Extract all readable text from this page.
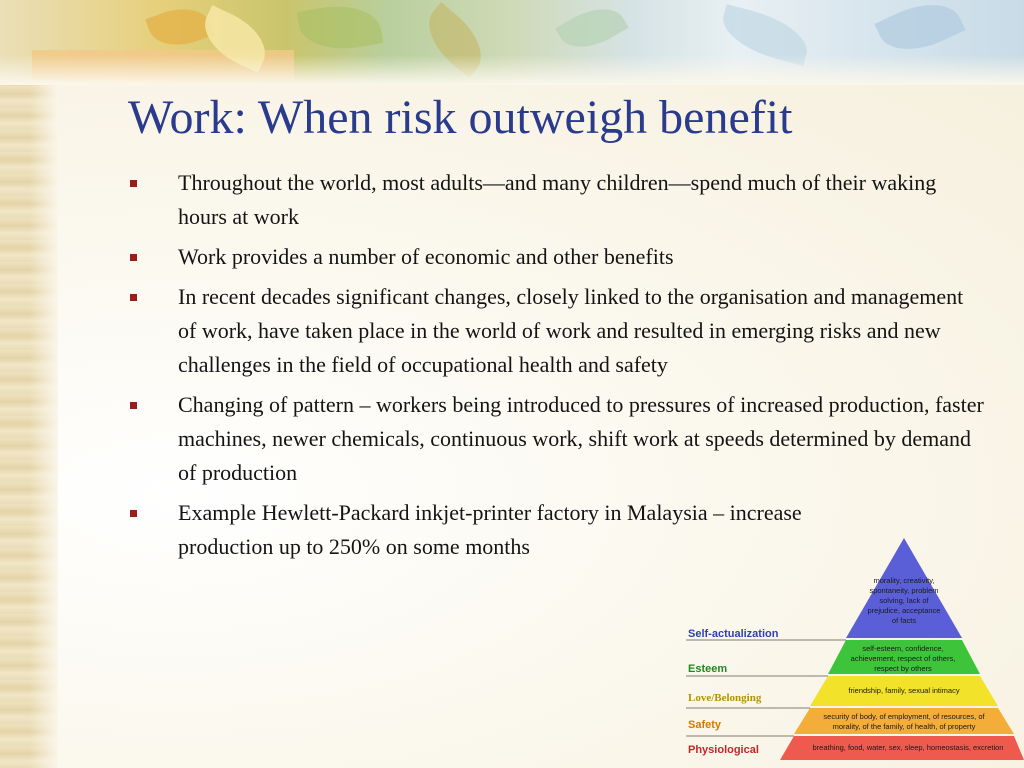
Work: When risk outweigh benefit
Throughout the world, most adults—and many children—spend much of their waking hours at work
Work provides a number of economic and other benefits
In recent decades significant changes, closely linked to the organisation and management of work, have taken place in the world of work and resulted in emerging risks and new challenges in the field of occupational health and safety
Changing of pattern – workers being introduced to pressures of increased production, faster machines, newer chemicals, continuous work, shift work at speeds determined by demand of production
Example Hewlett-Packard inkjet-printer factory in Malaysia – increase production up to 250% on some months
Self-actualization
Esteem
Love/Belonging
Safety
Physiological
morality, creativity, spontaneity, problem solving, lack of prejudice, acceptance of facts
self-esteem, confidence, achievement, respect of others, respect by others
friendship, family, sexual intimacy
security of body, of employment, of resources, of morality, of the family, of health, of property
breathing, food, water, sex, sleep, homeostasis, excretion
